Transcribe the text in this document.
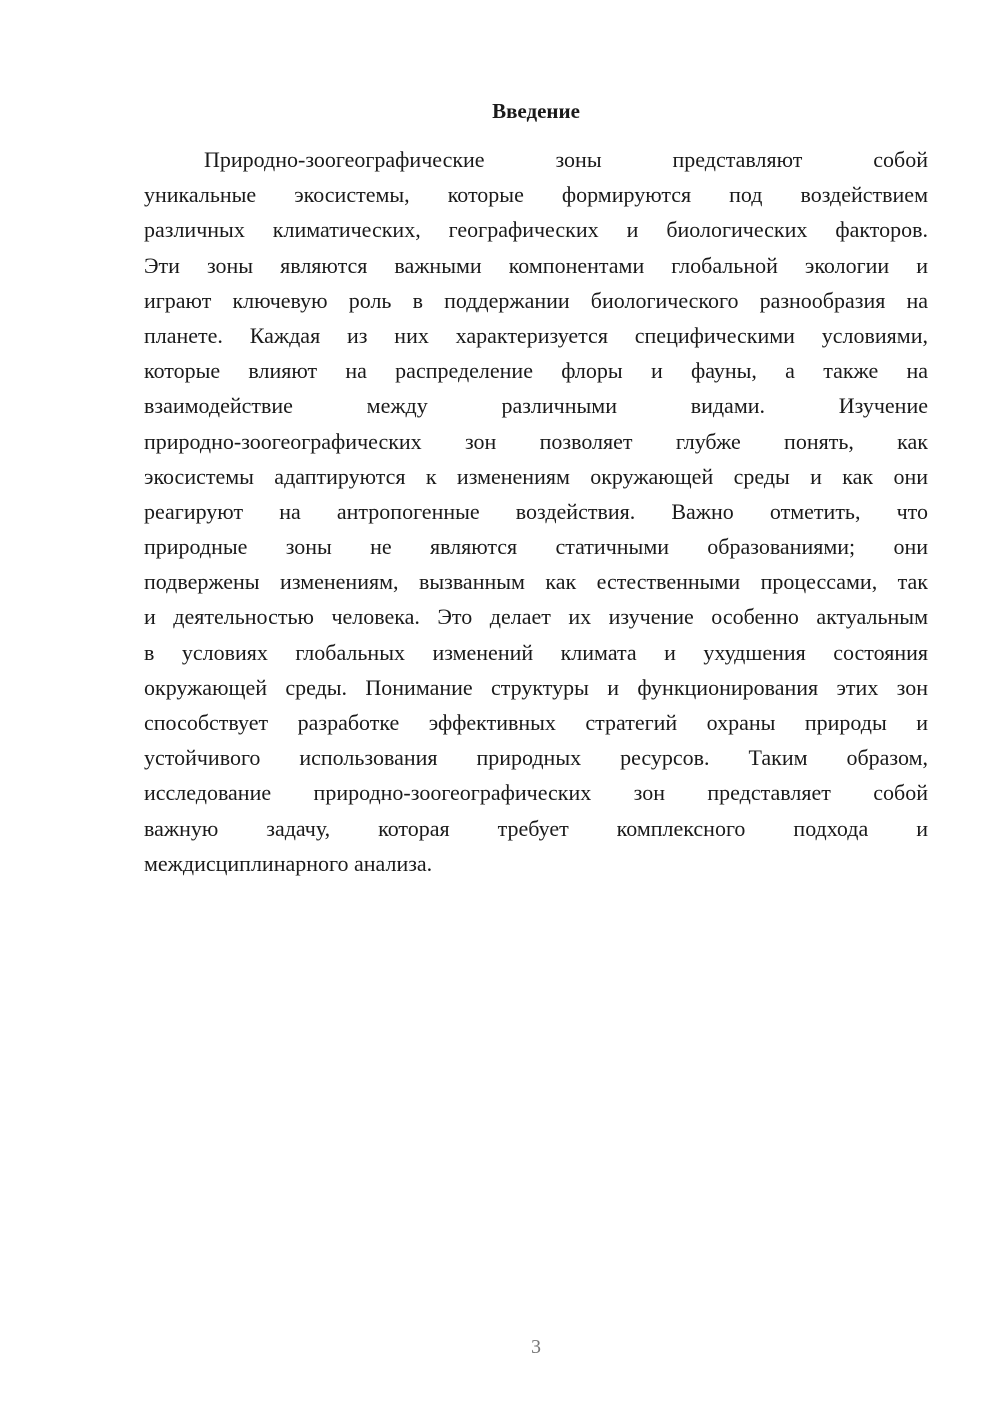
Введение
Природно-зоогеографические зоны представляют собой
уникальные экосистемы, которые формируются под воздействием
различных климатических, географических и биологических факторов.
Эти зоны являются важными компонентами глобальной экологии и
играют ключевую роль в поддержании биологического разнообразия на
планете. Каждая из них характеризуется специфическими условиями,
которые влияют на распределение флоры и фауны, а также на
взаимодействие между различными видами. Изучение
природно-зоогеографических зон позволяет глубже понять, как
экосистемы адаптируются к изменениям окружающей среды и как они
реагируют на антропогенные воздействия. Важно отметить, что
природные зоны не являются статичными образованиями; они
подвержены изменениям, вызванным как естественными процессами, так
и деятельностью человека. Это делает их изучение особенно актуальным
в условиях глобальных изменений климата и ухудшения состояния
окружающей среды. Понимание структуры и функционирования этих зон
способствует разработке эффективных стратегий охраны природы и
устойчивого использования природных ресурсов. Таким образом,
исследование природно-зоогеографических зон представляет собой
важную задачу, которая требует комплексного подхода и
междисциплинарного анализа.
3
